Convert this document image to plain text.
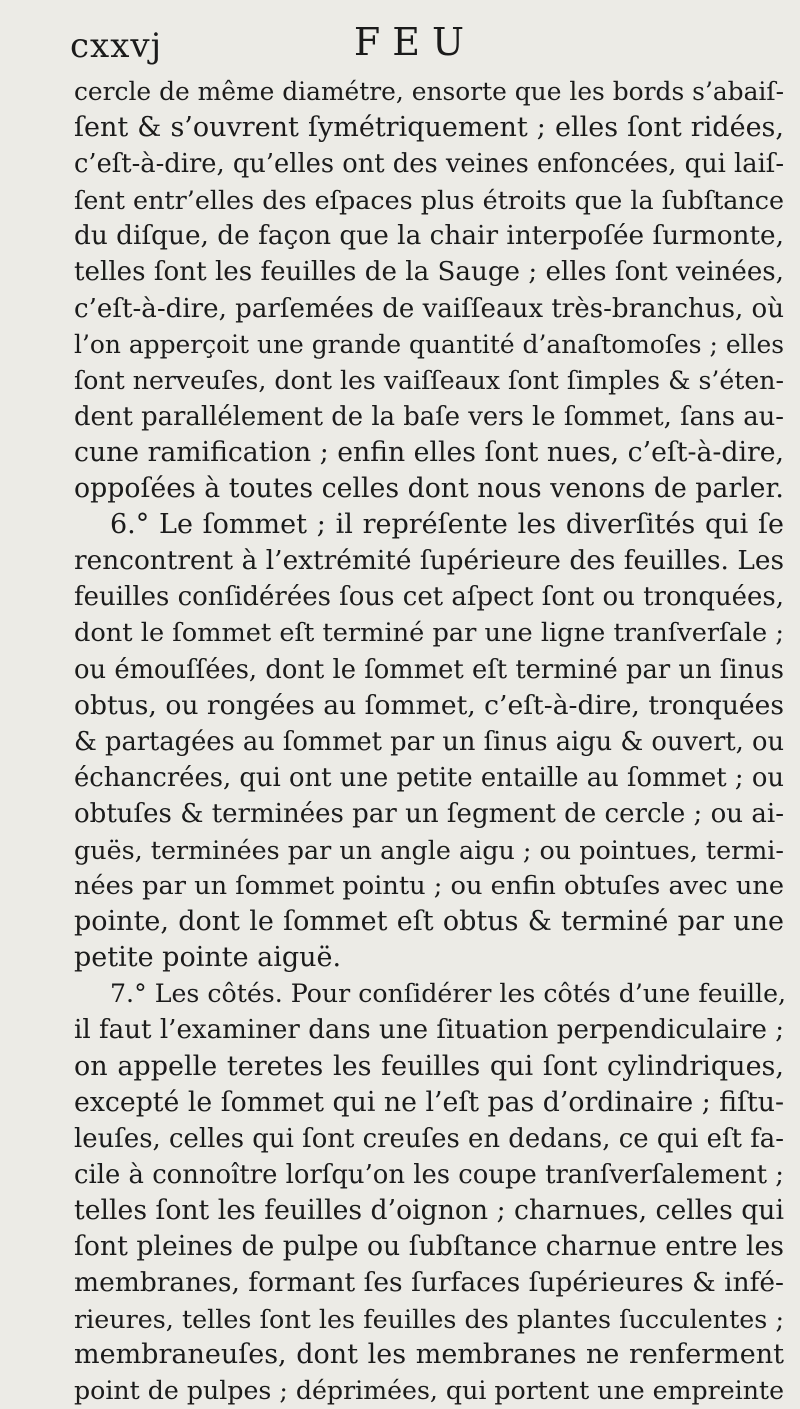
cxxvj	FEU
cercle de même diamétre, ensorte que les bords s’abaiſ-
ſent & s’ouvrent ſymétriquement ; elles ſont ridées,
c’eſt-à-dire, qu’elles ont des veines enfoncées, qui laiſ-
ſent entr’elles des eſpaces plus étroits que la ſubſtance
du diſque, de façon que la chair interpoſée ſurmonte,
telles ſont les feuilles de la Sauge ; elles ſont veinées,
c’eſt-à-dire, parſemées de vaiſſeaux très-branchus, où
l’on apperçoit une grande quantité d’anaſtomoſes ; elles
ſont nerveuſes, dont les vaiſſeaux ſont ſimples & s’éten-
dent parallélement de la baſe vers le ſommet, ſans au-
cune ramification ; enfin elles ſont nues, c’eſt-à-dire,
oppoſées à toutes celles dont nous venons de parler.
6.° Le ſommet ; il repréſente les diverſités qui ſe
rencontrent à l’extrémité ſupérieure des feuilles. Les
feuilles conſidérées ſous cet aſpect ſont ou tronquées,
dont le ſommet eſt terminé par une ligne tranſverſale ;
ou émouſſées, dont le ſommet eſt terminé par un ſinus
obtus, ou rongées au ſommet, c’eſt-à-dire, tronquées
& partagées au ſommet par un ſinus aigu & ouvert, ou
échancrées, qui ont une petite entaille au ſommet ; ou
obtuſes & terminées par un ſegment de cercle ; ou ai-
guës, terminées par un angle aigu ; ou pointues, termi-
nées par un ſommet pointu ; ou enfin obtuſes avec une
pointe, dont le ſommet eſt obtus & terminé par une
petite pointe aiguë.
7.° Les côtés. Pour conſidérer les côtés d’une feuille,
il faut l’examiner dans une ſituation perpendiculaire ;
on appelle teretes les feuilles qui ſont cylindriques,
excepté le ſommet qui ne l’eſt pas d’ordinaire ; fiſtu-
leuſes, celles qui ſont creuſes en dedans, ce qui eſt fa-
cile à connoître lorſqu’on les coupe tranſverſalement ;
telles ſont les feuilles d’oignon ; charnues, celles qui
ſont pleines de pulpe ou ſubſtance charnue entre les
membranes, formant ſes ſurfaces ſupérieures & infé-
rieures, telles ſont les feuilles des plantes ſucculentes ;
membraneuſes, dont les membranes ne renferment
point de pulpes ; déprimées, qui portent une empreinte
